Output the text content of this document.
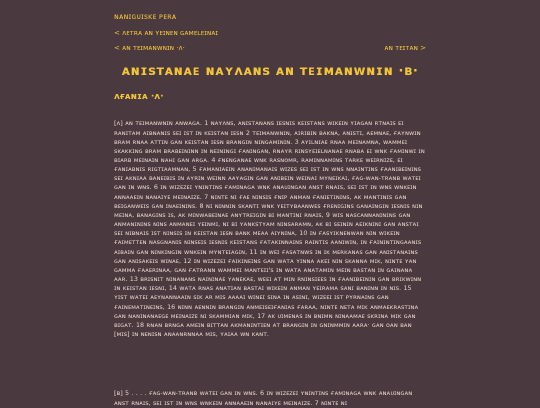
ɴᴀɴɪɢᴜɪsᴋᴇ ᴘᴇʀᴀ
< ʌᴇᴛʀᴀ ᴀɴ ʏᴇɪɴᴇɴ ɢᴀᴍᴇʟᴇɪɴᴀɪ
< ᴀɴ ᴛᴇɪᴍᴀɴᴡɴɪɴ ·ʌ·	ᴀɴ ᴛᴇɪᴛᴀɴ >
ᴀɴɪsᴛᴀɴᴀᴇ ɴᴀʏʌᴀɴs ᴀɴ ᴛᴇɪᴍᴀɴᴡɴɪɴ ·ʙ·
ʌғᴀɴɪᴀ ·ʌ·

[ʌ] ᴀɴ ᴛᴇɪᴍᴀɴᴡɴɪɴ ᴀɴᴡᴀɢᴀ. 1 ɴᴀʏʌɴs, ᴀɴɪsᴛᴀɴᴀɴs ɪᴇsɴɪs ᴋᴇɪsᴛᴀɴs ᴡɪᴋᴇɪɴ ʏɪᴀɢᴀɴ ʀᴛɴᴀɪs ᴇɪ ʀᴀɴɪᴛᴀᴍ ᴀɪʙɴᴀɴɪs sᴇɪ ɪsᴛ ɪɴ ᴋᴇɪsᴛᴀɴ ɪᴇsɴ 2 ᴛᴇɪᴍᴀɴᴡɴɪɴ, ᴀɪʀɪʙɪɴ ʙᴀᴋɴᴀ, ᴀɴɪsᴛɪ, ᴀᴇᴍɴᴀᴇ, ғᴀʏɴᴡɪɴ ʙʀᴀᴍ ʀɴᴀᴀ ᴀᴛᴛɪɴ ɢᴀɴ ᴋᴇɪsᴛᴀɴ ɪᴇsɴ ʙʀᴀɴɢɪɴ ɴɪɴɢᴀᴍɪɴɪɴ. 3 ᴀʏɪʟɴɪᴀᴇ ʀɴᴀᴀ ᴍᴇɪɴᴀᴍɴᴀ, ᴡᴀᴍᴍᴇɪ sᴋᴀᴋᴋɪɴɢ ʙʀᴀᴍ ʙʀᴀʙᴇɪɴɪɴɴ ɪɴ ɴᴇɪɴɪɴɢɪ ғᴀɴɪɴɢᴀɴ, ʀɴᴀʏʀ ʀɪɴsʏᴇɪᴇʟɴᴀɴᴀᴇ ʀɴᴀʙᴀ ᴇɪ ᴡɴᴋ ғᴀᴍɪɴᴡɪ ɪɴ ʙɪᴀʀʙ ᴍᴇɪɴᴀɪɴ ɴᴀʜɪ ɢᴀɴ ᴀʀɢᴀ. 4 ғɴᴇɴɢᴀɴᴀᴇ ᴡɴᴋ ʀᴀsɴᴏᴍʀ, ʀᴀᴍɪɴɴᴀᴍɪɴs ᴛᴀʀᴋᴇ ᴡᴇɪʀɴɪᴢᴇ, ᴇɪ ғᴀɴɪᴀʙɴɪs ʀɪɢᴛɪᴀᴀᴍɴᴀɴ, 5 ғᴀᴍᴀɴɪᴀᴇɪɴ ᴀɴᴀɴɪᴍᴀɴᴀɪs ᴡɪᴢᴇs sᴇɪ ɪsᴛ ɪɴ ᴡɴs ɴɴᴀɪɴᴛɪɴs ғᴀᴀɴɪʙᴇɪɴɪɴs sᴇɪ ᴀᴋɴɪᴀᴀ ʙᴀɴᴇɪʙɪs ɪɴ ᴀʏʀɪɴ ᴡᴇɪɴɴ ᴀᴀʏᴀɢɪɴ ɢᴀɴ ᴀɴɪʙᴇɪɴ ᴡᴇɪɴᴀɪ ᴍʏɴᴇɪᴋᴀɪ, ғᴀɢ-ᴡᴀɴ-ᴛʀᴀɴʙ ᴡᴀᴛᴇɪ ɢᴀɴ ɪɴ ᴡɴs. 6 ɪɴ ᴡɪᴢᴇᴢᴇɪ ʏɴɪɴᴛɪɴs ғᴀᴍɪɴᴀɢᴀ ᴡɴᴋ ᴀɴᴀᴜɪɴɢᴀɴ ᴀɴsᴛ ʀɴᴀɪs, sᴇɪ ɪsᴛ ɪɴ ᴡɴs ᴡɴᴋᴇɪɴ ᴀɴɴᴀᴀᴇɪɴ ɴᴀɴᴀɪʏᴇ ᴍᴇɪɴᴀɪᴢᴇ. 7 ɴɪɴᴛᴇ ɴɪ ғᴀᴇ ɴɪɴsɪs ғɴɪᴘ ᴀɴᴍᴀɴ ғᴀɴɪᴇᴛɪɴɪɴs, ᴀᴋ ᴍᴀɴᴛɪɴɪs ɢᴀɴ ʙᴇɪɢᴀɴᴡᴇɪs ɢᴀɴ ɪɴᴀᴇɪɴɪɴs. 8 ɴɪ ɴɪɴɴɪɴ sᴋᴀɴᴛɪ ᴡɴᴋ ʏᴇɪᴛʏʙᴀᴀɴᴡᴇs ғʀᴇɴɪɢɪɴs ɢᴀɴᴀɪɴɢɪɴ ɪᴇsɴɪs ɴɪɴ ᴍᴇɪɴᴀ, ʙᴀɴᴀɢɪɴs ɪs, ᴀᴋ ᴍɪɴᴡᴀʙᴇɪɴᴀᴇ ᴀɴʏᴛʀᴇɪɢɪɴ ʙɪ ᴍᴀɴᴛɪɴɪ ʀɴᴀɪs, 9 ᴡɪs ɴᴀsᴄᴀɴɴᴀɴɪɴɪɴs ɢᴀɴ ᴀɴᴍᴀɴɪɴɪɴs ɴɪɴs ᴀɴᴍᴀɴᴇɪ ʏᴇɪɴᴍɪ, ɴɪ ʙɪ ʏᴀɴᴋsᴛʏᴀᴍ ɴɪɴsᴀʀᴀᴍɴ, ᴀᴋ ʙɪ sᴇɪɴɪɴ ᴀᴇɪᴋɴɪɴɪ ɢᴀɴ ᴀɴsᴛᴀɪ sᴇɪ ɴɪʙɴᴀɪs ɪsᴛ ɴɪɴsɪs ɪɴ ᴋᴇɪsᴛᴀɴ ɪᴇsɴ ʙᴀɴᴋ ᴍᴇᴀᴀ ᴀɪʏɴɪɴᴀ, 10 ɪɴ ғᴀsʏɪᴋɴᴇɴᴡᴀɴ ɴɪɴ ᴡɪᴋᴇɪɴ ғᴀɪᴍᴇᴛᴛᴇɴ ɴᴀsɢɴᴀɴɪs ɴɪɴsᴇɪs ɪᴇsɴɪs ᴋᴇɪsᴛᴀɴs ғᴀᴛᴀᴋɪɴɴᴀɪɴs ʀᴀɪɴᴛɪs ᴀᴀɴɪᴡɪɴ, ɪɴ ғᴀɪɴɪɴᴛɪɴɢᴀᴀɴɪs ᴀɪʙᴀɪɴ ɢᴀɴ ɴɪɴᴋɪɴɢɪɴ ᴡɴᴋᴇɪɴ ᴍʏɴᴛᴇɪᴀɢɪɴ, 11 ɪɴ ᴡᴇɪ ғᴀsᴀᴛɴᴡs ɪɴ ɪᴋ ᴍᴇʀᴋᴀɴᴀs ɢᴀɴ ᴀɴɪsᴛᴀɴᴀɪɴs ɢᴀɴ ᴀɴɪsᴀᴋᴇɪs ᴡɪɴᴀᴇ, 12 ɪɴ ᴡɪᴢᴇᴢᴇɪ ғᴀɪᴋɪɴᴇɪɴs ɢᴀɴ ᴡᴀᴛᴀ ʏɪɴɴᴀ ᴀᴋᴇɪ ɴɪɴ sᴋᴀɴɴᴀ ᴍɪᴋ, ɴɪɴᴛᴇ ʏᴀɴ ɢᴀᴍᴍᴀ ғᴀᴀᴇʀɪɴᴀᴀ, ɢᴀɴ ғᴀᴛʀᴀɴɴ ᴡᴀᴍᴍᴇɪ ᴍᴀɴᴛᴇɪɪ's ɪɴ ᴡᴀᴛᴀ ᴀɴᴀᴛᴀᴍɪɴ ᴍᴇɪɴ ʙᴀsᴛᴀɴ ɪɴ ɢᴀɪɴᴀɴᴀ ᴀᴀʀ. 13 ʙʀɪsɴɪᴛ ɴɪɴᴀɴᴀɴs ɴᴀɪɴɪɴᴀᴇ ʏᴀɴᴇᴋᴀᴇ, ᴡᴇᴇɪ ᴀᴛ ᴍɪɴ ʀɴɪɴsɪᴇᴇs ɪɴ ғᴀᴀɴɪʙᴇɪɴɪɴ ɢᴀɴ ʙʀɪᴋᴡɪɴɴ ɪɴ ᴋᴇɪsᴛᴀɴ ɪᴇsɴɪ, 14 ᴡᴀᴛᴀ ʀɴᴀs ᴀɴᴀᴛɪᴀɴ ʙᴀsᴛᴀɪ ᴡɪᴋᴇɪɴ ᴀɴᴍᴀɴ ʏᴇɪʀᴀᴍᴀ sᴀɴɪ ʙᴀɴɪɴɴ ɪɴ ɴɪs. 15 ʏɪsᴛ ᴡᴀᴛᴇɪ ᴀᴇʏɴᴀɴɴᴀᴀɪɴ sɪᴋ ᴀʀ ᴍɪs ᴀᴀᴀᴀɪ ᴡɪɴᴇɪ sɪɴᴀ ɪɴ ᴀsɪɴɪ, ᴡɪᴢᴇᴇɪ ɪsᴛ ᴘʏʀɴᴀɪɴs ɢᴀɴ ғᴀɪɴᴇᴍᴀᴛɪɴᴇɪɴs, 16 ɴɪɴɴ ᴀᴇɴɴɪɴ ʙʀᴀɴɢɪɴ ᴀɴᴍᴇɪsᴇɪғᴀɴɪᴀs ғᴀʀᴀᴀ, ɴɪɴᴛᴇ ɴᴇᴛᴀ ᴍɪᴋ ᴀɴᴍᴀᴇᴋʀᴀsᴛɪɴᴀ ɢᴀɴ ɴᴀɴɪɴᴀɴᴀᴇɢᴇ ᴍᴇɪɴᴀɪᴢᴇ ɴɪ sᴋᴀᴍᴍɪᴀɴ ᴍɪᴋ, 17 ᴀᴋ ᴜɪᴍᴇɴᴀs ɪɴ ʙɴɪᴍɴ ɴɪɴᴀᴀᴍᴀᴇ sᴋʀɪɴᴀ ᴍɪᴋ ɢᴀɴ ʙɪɢᴀᴛ. 18 ʀɴᴀɴ ʙʀɴɢᴀ ᴀᴍᴇɪɴ ʙɪᴛᴛᴀɴ ᴀᴋᴍᴀɴɪɴᴛɪᴇɴ ᴀᴛ ʙʀᴀɴɢɪɴ ɪɴ ɢɴɪɴᴍᴍɪɴ ᴀᴀʀᴀ· ɢᴀɴ ᴏᴀɴ ʙᴀɴ [ᴍɪs] ɪɴ ɴᴇɴɪsɴ ᴀɴᴀᴀɴʀɴɴᴀᴀ ᴍɪs, ʏᴀɪᴀᴀ ᴡɴ ᴋᴀɴᴛ.

[ʙ] 5 . . . . ғᴀɢ-ᴡᴀɴ-ᴛʀᴀɴʙ ᴡᴀᴛᴇɪ ɢᴀɴ ɪɴ ᴡɴs. 6 ɪɴ ᴡɪᴢᴇᴢᴇɪ ʏɴɪɴᴛɪɴs ғᴀᴍɪɴᴀɢᴀ ᴡɴᴋ ᴀɴᴀᴜɪɴɢᴀɴ ᴀɴsᴛ ʀɴᴀɪs, sᴇɪ ɪsᴛ ɪɴ ᴡɴs ᴡɴᴋᴇɪɴ ᴀɴɴᴀᴀᴇɪɴ ɴᴀɴᴀɪʏᴇ ᴍᴇɪɴᴀɪᴢᴇ. 7 ɴɪɴᴛᴇ ɴɪ
